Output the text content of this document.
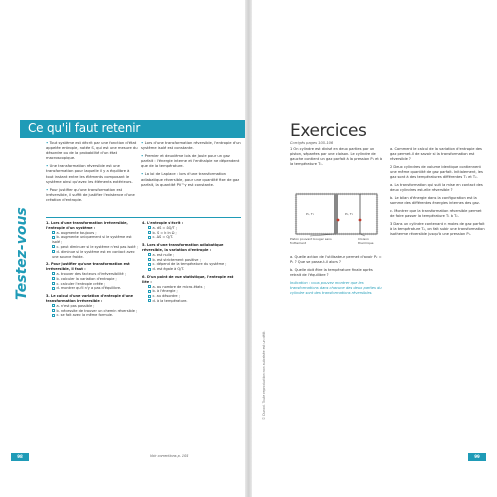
Ce qu'il faut retenir

• Tout système est décrit par une fonction d'état appelée entropie, notée S, qui est une mesure du désordre ou de la probabilité d'un état macroscopique.

• Une transformation réversible est une transformation pour laquelle il y a équilibre à tout instant entre les éléments composant le système ainsi qu'avec les éléments extérieurs.

• Pour justifier qu'une transformation est irréversible, il suffit de justifier l'existence d'une création d'entropie.

• Lors d'une transformation réversible, l'entropie d'un système isolé est constante.

• Premier et deuxième lois de Joule pour un gaz parfait : l'énergie interne et l'enthalpie ne dépendent que de la température.

• La loi de Laplace : lors d'une transformation adiabatique réversible, pour une quantité fixe de gaz parfait, la quantité PV^γ est constante.

Testez-vous	1. Lors d'une transformation irréversible, l'entropie d'un système :
a. augmente toujours ;
b. augmente uniquement si le système est isolé ;
c. peut diminuer si le système n'est pas isolé ;
d. diminue si le système est en contact avec une source froide.
2. Pour justifier qu'une transformation est irréversible, il faut :
a. trouver des facteurs d'irréversibilité ;
b. calculer la variation d'entropie ;
c. calculer l'entropie créée ;
d. montrer qu'il n'y a pas d'équilibre.
3. Le calcul d'une variation d'entropie d'une transformation irréversible :
a. n'est pas possible ;
b. nécessite de trouver un chemin réversible ;
c. se fait avec la même formule.
4. L'entropie s'écrit :
a. dS = δQ/T ;
b. S = k ln Ω ;
c. ΔS = Q/T.
5. Lors d'une transformation adiabatique réversible, la variation d'entropie :
a. est nulle ;
b. est strictement positive ;
c. dépend de la température du système ;
d. est égale à Q/T.
6. D'un point de vue statistique, l'entropie est liée :
a. au nombre de micro-états ;
b. à l'énergie ;
c. au désordre ;
d. à la température.
Voir corrections p. 105
98
Exercices
Corrigés pages 105-106

1 On cylindre est divisé en deux parties par un piston, séparées par une cloison. Le cylindre de gauche contient un gaz parfait à la pression P₁ et à la température T₁.

P₁, T₁	P₂, T₂
Piston pouvant bouger sans frottement
Cloison thermique

a. Quelle action de l'utilisateur permet d'avoir P₂ = P₁ ? Que se passe-t-il alors ?

b. Quelle doit être la température finale après retrait de l'équilibre ?

Indication : vous pouvez montrer que les transformations dans chacune des deux parties du cylindre sont des transformations réversibles.

a. Comment le calcul de la variation d'entropie des gaz permet-il de savoir si la transformation est réversible ?

2 Deux cylindres de volume identique contiennent une même quantité de gaz parfait. Initialement, les gaz sont à des températures différentes T₁ et T₂.

a. La transformation qui suit la mise en contact des deux cylindres est-elle réversible ?

b. Le bilan d'énergie dans la configuration est la somme des différentes énergies internes des gaz.

c. Montrer que la transformation réversible permet de faire passer la température T₁ à T₂.

3 Dans un cylindre contenant n moles de gaz parfait à la température T₀, on fait subir une transformation isotherme réversible jusqu'à une pression P₁.

© Dunod. Toute reproduction non autorisée est un délit.
99
